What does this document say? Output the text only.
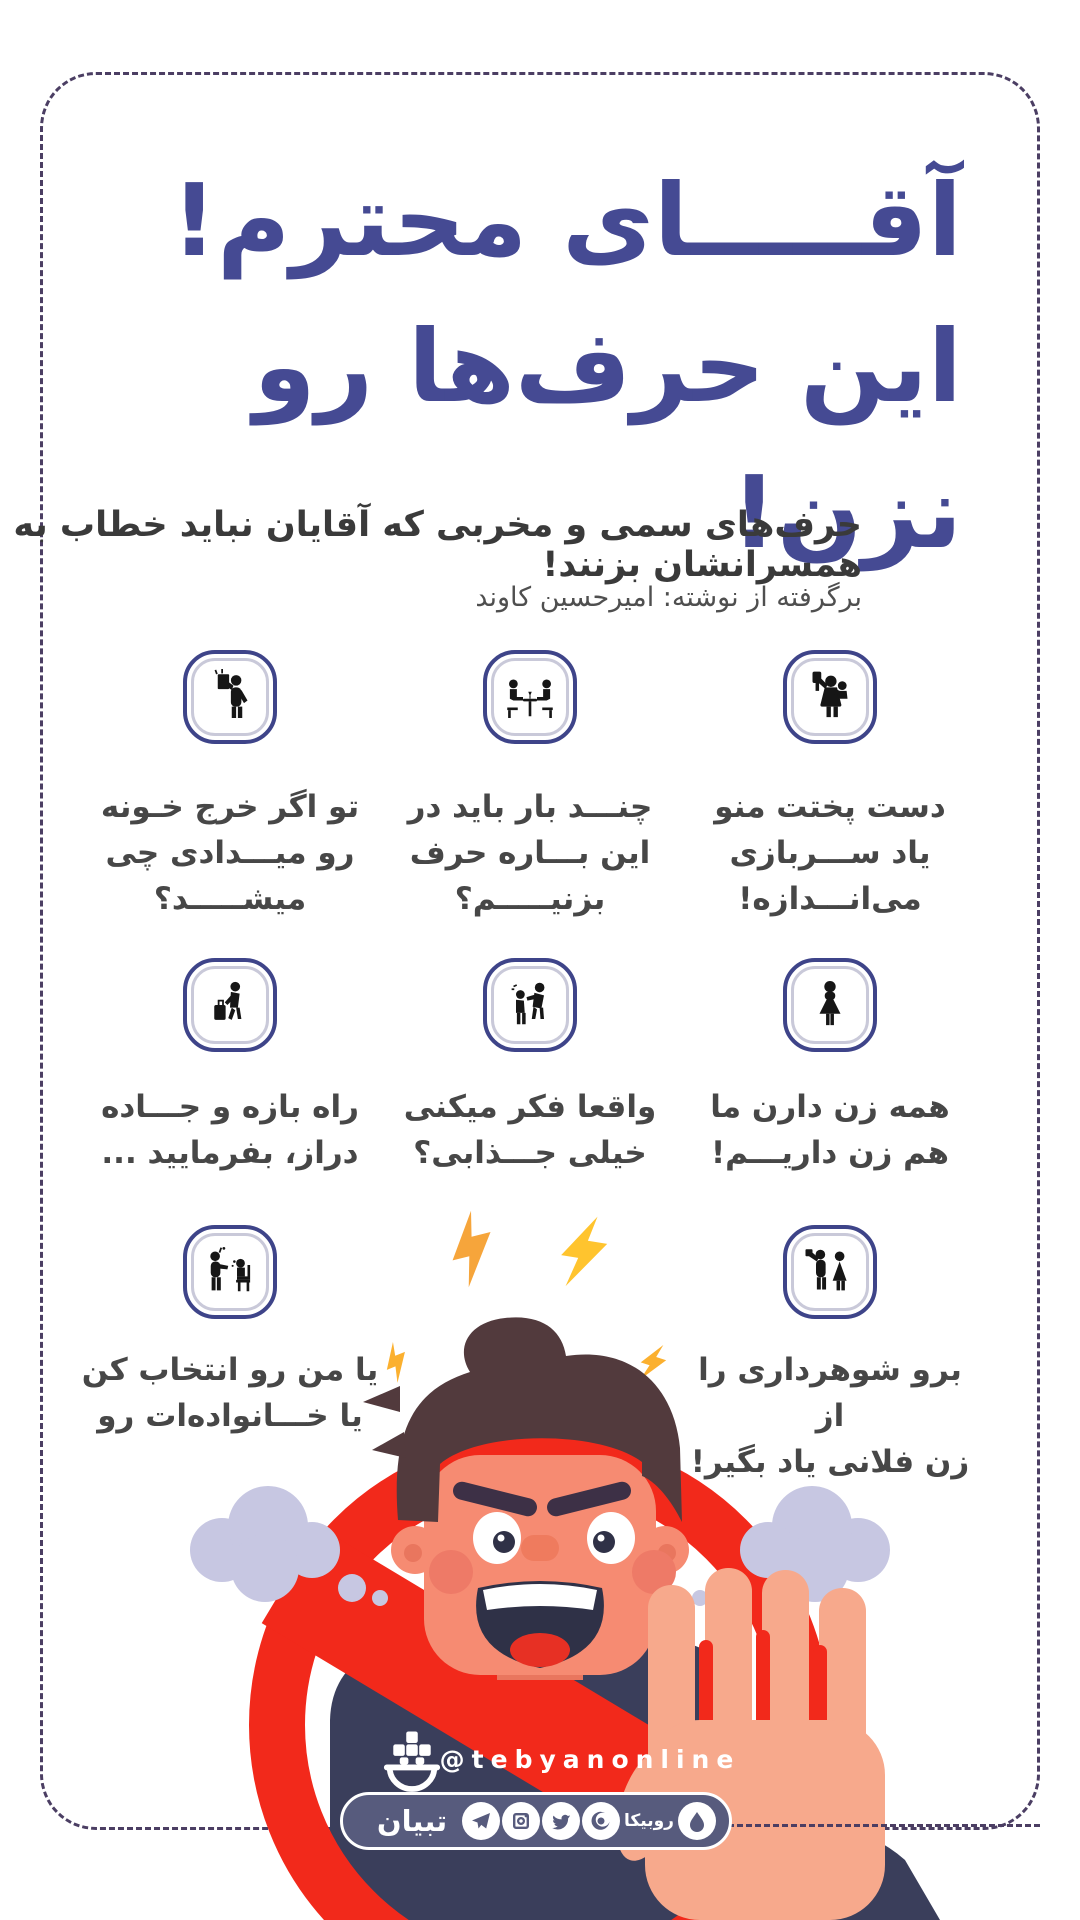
آقـــــای محترم!
این حرف‌ها رو نزن!
حرف‌های سمی و مخربی که آقایان نباید خطاب به همسرانشان بزنند!
برگرفته از نوشته: امیرحسین کاوند
دست پختت منو
یاد ســـربازی
می‌انـــدازه!
چنـــد بار باید در
این بـــاره حرف
بزنیـــــم؟
تو اگر خرج خـونه
رو میـــدادی چی
میشـــــد؟
همه زن دارن ما
هم زن داریـــم!
واقعا فکر میکنی
خیلی جـــذابی؟
راه بازه و جـــاده
دراز، بفرمایید ...
برو شوهرداری را از
زن فلانی یاد بگیر!
یا من رو انتخاب کن
یا خـــانواده‌ات رو
@tebyanonline
تبیان	روبیکا
